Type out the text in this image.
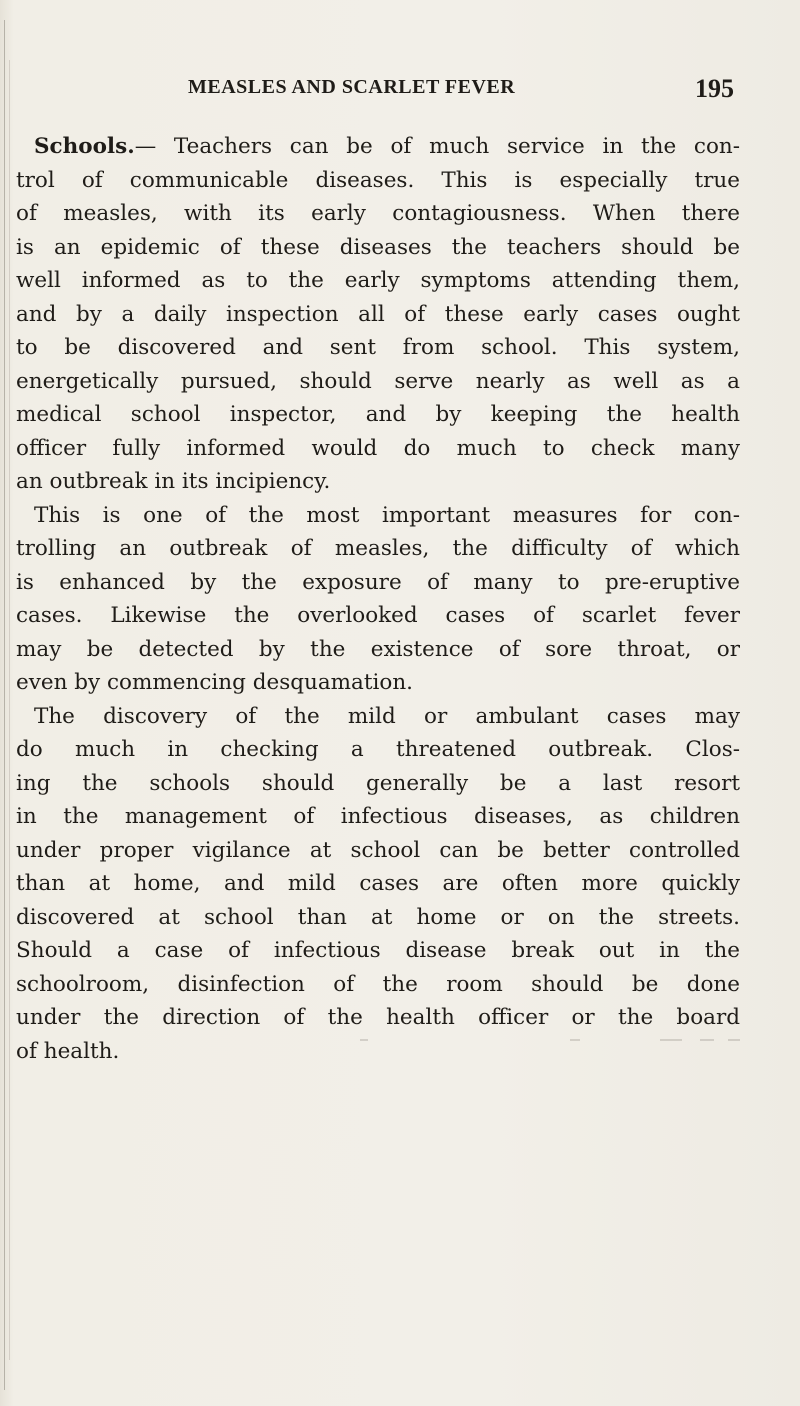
MEASLES AND SCARLET FEVER	195
Schools.— Teachers can be of much service in the con-
trol of communicable diseases. This is especially true
of measles, with its early contagiousness. When there
is an epidemic of these diseases the teachers should be
well informed as to the early symptoms attending them,
and by a daily inspection all of these early cases ought
to be discovered and sent from school. This system,
energetically pursued, should serve nearly as well as a
medical school inspector, and by keeping the health
officer fully informed would do much to check many
an outbreak in its incipiency.
This is one of the most important measures for con-
trolling an outbreak of measles, the difficulty of which
is enhanced by the exposure of many to pre-eruptive
cases. Likewise the overlooked cases of scarlet fever
may be detected by the existence of sore throat, or
even by commencing desquamation.
The discovery of the mild or ambulant cases may
do much in checking a threatened outbreak. Clos-
ing the schools should generally be a last resort
in the management of infectious diseases, as children
under proper vigilance at school can be better controlled
than at home, and mild cases are often more quickly
discovered at school than at home or on the streets.
Should a case of infectious disease break out in the
schoolroom, disinfection of the room should be done
under the direction of the health officer or the board
of health.
